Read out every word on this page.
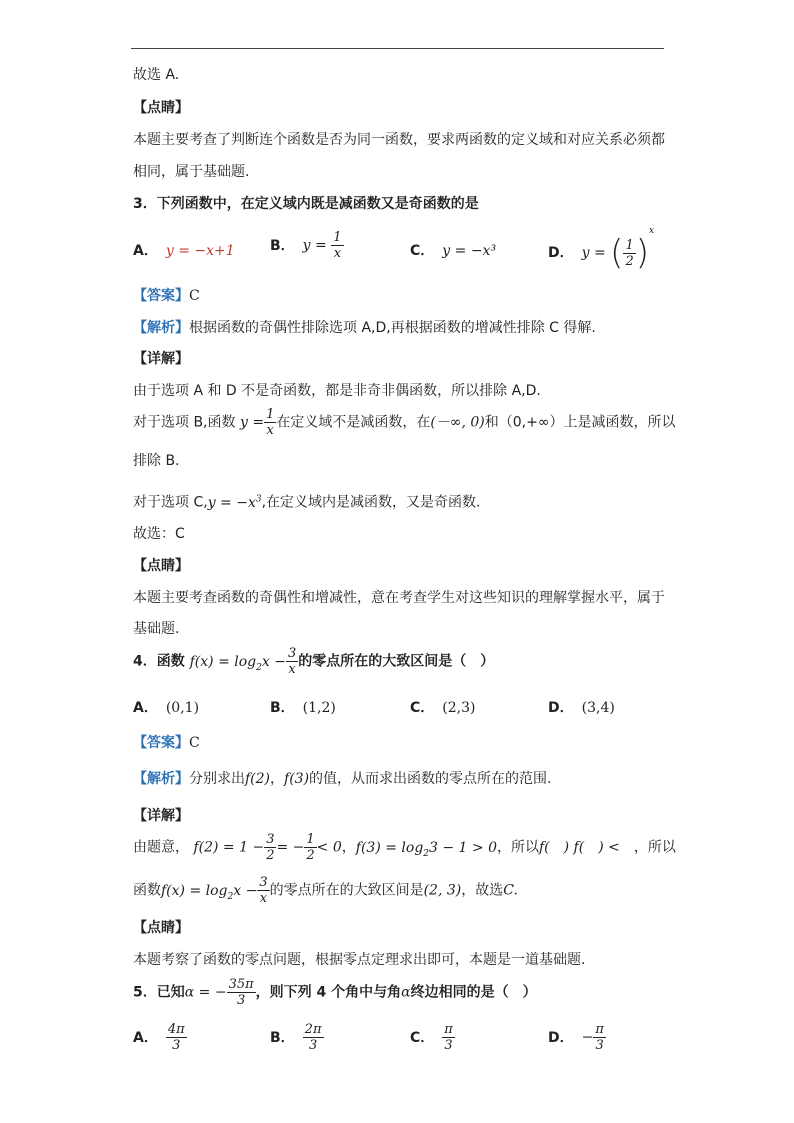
故选 A.
【点睛】
本题主要考查了判断连个函数是否为同一函数，要求两函数的定义域和对应关系必须都
相同，属于基础题.
3．下列函数中，在定义域内既是减函数又是奇函数的是
A． y = −x+1	B． $y = \frac{1}{x}$	C． y = −x³	D． y = ( $\frac{1}{2} )^x$
【答案】C
【解析】根据函数的奇偶性排除选项 A,D,再根据函数的增减性排除 C 得解.
【详解】
由于选项 A 和 D 不是奇函数，都是非奇非偶函数，所以排除 A,D.
对于选项 B,函数 $y = \frac{1}{x}$ 在定义域不是减函数，在(－∞, 0)和（0,+∞）上是减函数，所以
排除 B.
对于选项 $C,y = -x^3$,在定义域内是减函数，又是奇函数.
故选：C
【点睛】
本题主要考查函数的奇偶性和增减性，意在考查学生对这些知识的理解掌握水平，属于
基础题.
4．函数 $f(x) = \log_2x - \frac{3}{x}$ 的零点所在的大致区间是（　）
A． (0,1)	B． (1,2)	C． (2,3)	D． (3,4)
【答案】C
【解析】分别求出f(2)，f(3)的值，从而求出函数的零点所在的范围.
【详解】
由题意， $f(2) = 1 - \frac{3}{2}$ = − $\frac{1}{2} < 0$，$f(3) = \log_23 - 1 > 0$，所以f(　) f(　) <　，所以
函数$f(x) = \log_2x - \frac{3}{x}$ 的零点所在的大致区间是(2, 3)，故选C.
【点睛】
本题考察了函数的零点问题，根据零点定理求出即可，本题是一道基础题.
5．已知α = − $\frac{35\pi}{3}$ ，则下列 4 个角中与角α终边相同的是（　）
A． $\frac{4\pi}{3}$	B． $\frac{2\pi}{3}$	C． $\frac{\pi}{3}$	D． − $\frac{\pi}{3}$
